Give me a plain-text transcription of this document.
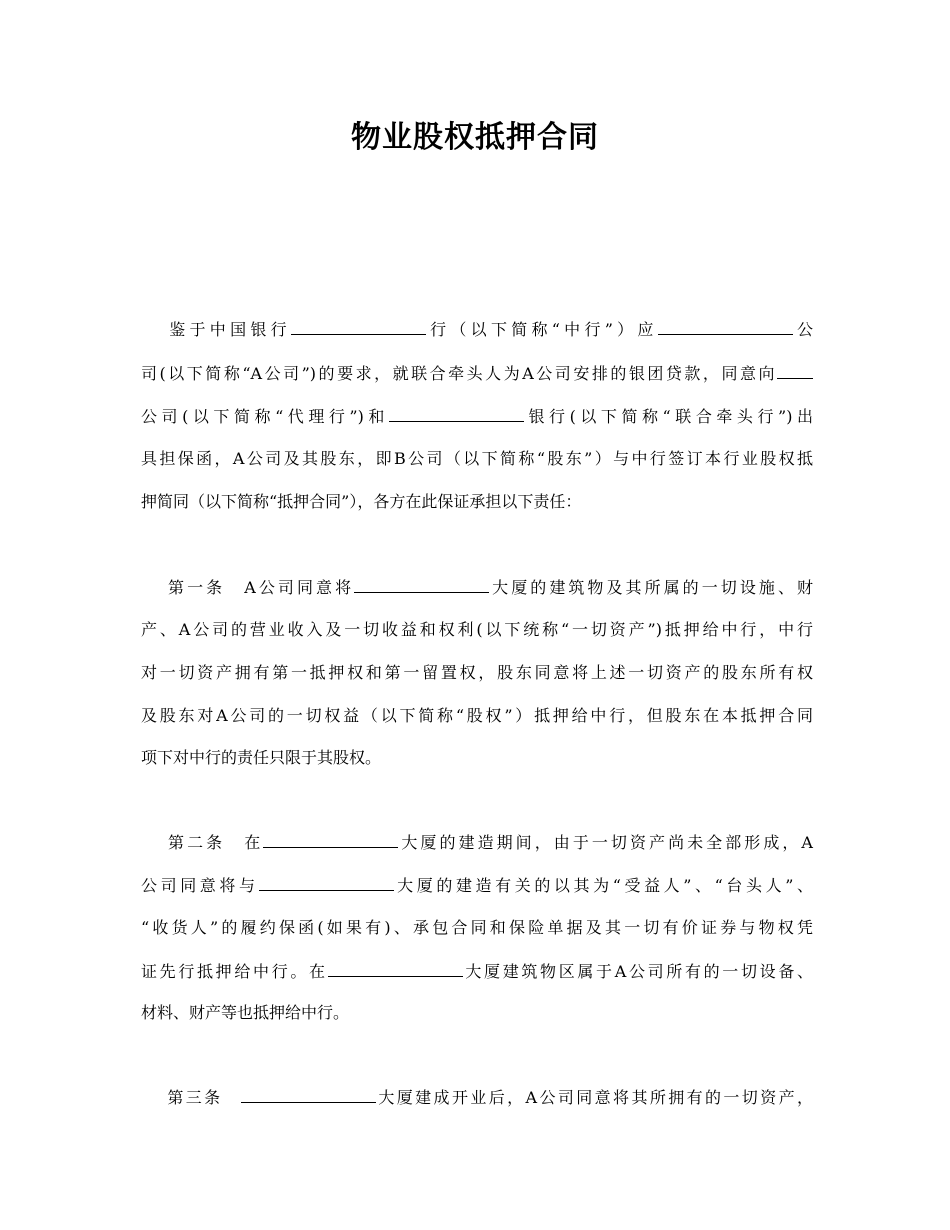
物业股权抵押合同
  鉴于中国银行	行（以下简称“中行”）应	公
司(以下简称“A公司”)的要求，就联合牵头人为A公司安排的银团贷款，同意向
公司(以下简称“代理行”)和	银行(以下简称“联合牵头行”)出
具担保函，A公司及其股东，即B公司（以下简称“股东”）与中行签订本行业股权抵
押简同（以下简称“抵押合同”），各方在此保证承担以下责任：
  第一条　A公司同意将	大厦的建筑物及其所属的一切设施、财
产、A公司的营业收入及一切收益和权利(以下统称“一切资产”)抵押给中行，中行
对一切资产拥有第一抵押权和第一留置权，股东同意将上述一切资产的股东所有权
及股东对A公司的一切权益（以下简称“股权”）抵押给中行，但股东在本抵押合同
项下对中行的责任只限于其股权。
  第二条　在	大厦的建造期间，由于一切资产尚未全部形成，A
公司同意将与	大厦的建造有关的以其为“受益人”、“台头人”、
“收货人”的履约保函(如果有)、承包合同和保险单据及其一切有价证券与物权凭
证先行抵押给中行。在	大厦建筑物区属于A公司所有的一切设备、
材料、财产等也抵押给中行。
  第三条　	大厦建成开业后，A公司同意将其所拥有的一切资产，
